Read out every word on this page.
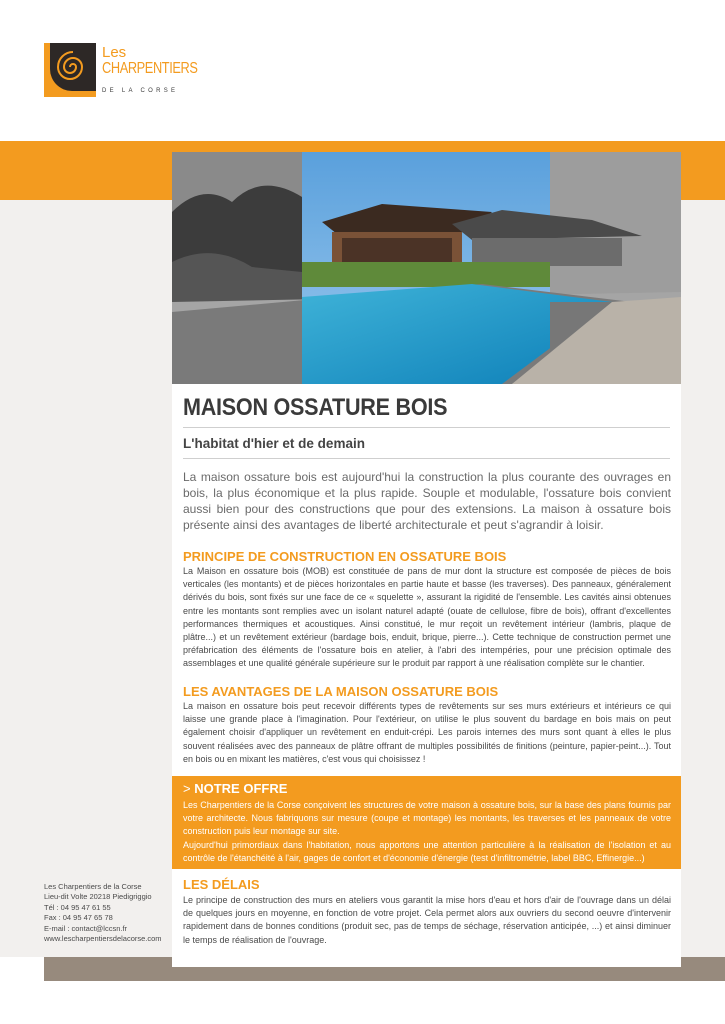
Les
CHARPENTIERS
DE LA CORSE
MAISON OSSATURE BOIS
L'habitat d'hier et de demain
La maison ossature bois est aujourd'hui la construction la plus courante des ouvrages en bois, la plus économique et la plus rapide. Souple et modulable, l'ossature bois convient aussi bien pour des constructions que pour des extensions. La maison à ossature bois présente ainsi des avantages de liberté architecturale et peut s'agrandir à loisir.
PRINCIPE DE CONSTRUCTION EN OSSATURE BOIS
La Maison en ossature bois (MOB) est constituée de pans de mur dont la structure est composée de pièces de bois verticales (les montants) et de pièces horizontales en partie haute et basse (les traverses). Des panneaux, généralement dérivés du bois, sont fixés sur une face de ce « squelette », assurant la rigidité de l'ensemble. Les cavités ainsi obtenues entre les montants sont remplies avec un isolant naturel adapté (ouate de cellulose, fibre de bois), offrant d'excellentes performances thermiques et acoustiques. Ainsi constitué, le mur reçoit un revêtement intérieur (lambris, plaque de plâtre...) et un revêtement extérieur (bardage bois, enduit, brique, pierre...). Cette technique de construction permet une préfabrication des éléments de l'ossature bois en atelier, à l'abri des intempéries, pour une précision optimale des assemblages et une qualité générale supérieure sur le produit par rapport à une réalisation complète sur le chantier.
LES AVANTAGES DE LA MAISON OSSATURE BOIS
La maison en ossature bois peut recevoir différents types de revêtements sur ses murs extérieurs et intérieurs ce qui laisse une grande place à l'imagination. Pour l'extérieur, on utilise le plus souvent du bardage en bois mais on peut également choisir d'appliquer un revêtement en enduit-crépi. Les parois internes des murs sont quant à elles le plus souvent réalisées avec des panneaux de plâtre offrant de multiples possibilités de finitions (peinture, papier-peint...). Tout en bois ou en mixant les matières, c'est vous qui choisissez !
> NOTRE OFFRE
Les Charpentiers de la Corse conçoivent les structures de votre maison à ossature bois, sur la base des plans fournis par votre architecte. Nous fabriquons sur mesure (coupe et montage) les montants, les traverses et les panneaux de votre construction puis leur montage sur site.
Aujourd'hui primordiaux dans l'habitation, nous apportons une attention particulière à la réalisation de l'isolation et au contrôle de l'étanchéité à l'air, gages de confort et d'économie d'énergie (test d'infiltrométrie, label BBC, Effinergie...)
LES DÉLAIS
Le principe de construction des murs en ateliers vous garantit la mise hors d'eau et hors d'air de l'ouvrage dans un délai de quelques jours en moyenne, en fonction de votre projet. Cela permet alors aux ouvriers du second oeuvre d'intervenir rapidement dans de bonnes conditions (produit sec, pas de temps de séchage, réservation anticipée, ...) et ainsi diminuer le temps de réalisation de l'ouvrage.
Les Charpentiers de la Corse
Lieu-dit Volte 20218 Piedigriggio
Tél : 04 95 47 61 55
Fax : 04 95 47 65 78
E-mail : contact@lccsn.fr
www.lescharpentiersdelacorse.com
